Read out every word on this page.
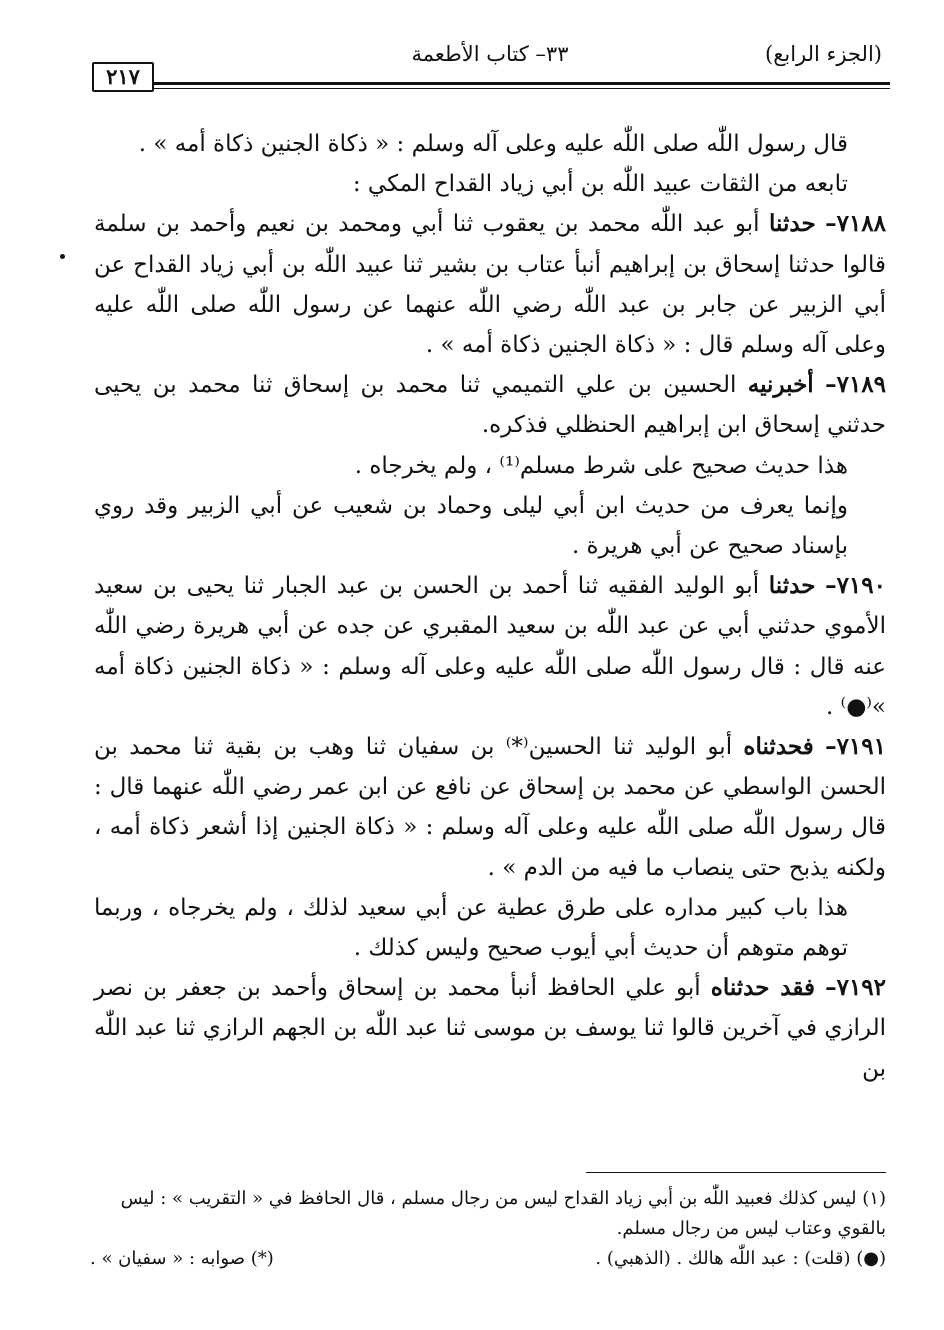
(الجزء الرابع)
٣٣– كتاب الأطعمة
٢١٧

قال رسول اللّٰه صلى اللّٰه عليه وعلى آله وسلم : « ذكاة الجنين ذكاة أمه » .

تابعه من الثقات عبيد اللّٰه بن أبي زياد القداح المكي :

٧١٨٨– حدثنا أبو عبد اللّٰه محمد بن يعقوب ثنا أبي ومحمد بن نعيم وأحمد بن سلمة قالوا حدثنا إسحاق بن إبراهيم أنبأ عتاب بن بشير ثنا عبيد اللّٰه بن أبي زياد القداح عن أبي الزبير عن جابر بن عبد اللّٰه رضي اللّٰه عنهما عن رسول اللّٰه صلى اللّٰه عليه وعلى آله وسلم قال : « ذكاة الجنين ذكاة أمه » .

٧١٨٩– أخبرنيه الحسين بن علي التميمي ثنا محمد بن إسحاق ثنا محمد بن يحيى حدثني إسحاق ابن إبراهيم الحنظلي فذكره.

هذا حديث صحيح على شرط مسلم⁽¹⁾ ، ولم يخرجاه .

وإنما يعرف من حديث ابن أبي ليلى وحماد بن شعيب عن أبي الزبير وقد روي بإسناد صحيح عن أبي هريرة .

٧١٩٠– حدثنا أبو الوليد الفقيه ثنا أحمد بن الحسن بن عبد الجبار ثنا يحيى بن سعيد الأموي حدثني أبي عن عبد اللّٰه بن سعيد المقبري عن جده عن أبي هريرة رضي اللّٰه عنه قال : قال رسول اللّٰه صلى اللّٰه عليه وعلى آله وسلم : « ذكاة الجنين ذكاة أمه »⁽●⁾ .

٧١٩١– فحدثناه أبو الوليد ثنا الحسين⁽*⁾ بن سفيان ثنا وهب بن بقية ثنا محمد بن الحسن الواسطي عن محمد بن إسحاق عن نافع عن ابن عمر رضي اللّٰه عنهما قال : قال رسول اللّٰه صلى اللّٰه عليه وعلى آله وسلم : « ذكاة الجنين إذا أشعر ذكاة أمه ، ولكنه يذبح حتى ينصاب ما فيه من الدم » .

هذا باب كبير مداره على طرق عطية عن أبي سعيد لذلك ، ولم يخرجاه ، وربما توهم متوهم أن حديث أبي أيوب صحيح وليس كذلك .

٧١٩٢– فقد حدثناه أبو علي الحافظ أنبأ محمد بن إسحاق وأحمد بن جعفر بن نصر الرازي في آخرين قالوا ثنا يوسف بن موسى ثنا عبد اللّٰه بن الجهم الرازي ثنا عبد اللّٰه بن

(١) ليس كذلك فعبيد اللّٰه بن أبي زياد القداح ليس من رجال مسلم ، قال الحافظ في « التقريب » : ليس بالقوي وعتاب ليس من رجال مسلم.

(●) (قلت) : عبد اللّٰه هالك . (الذهبي) .
(*) صوابه : « سفيان » .
